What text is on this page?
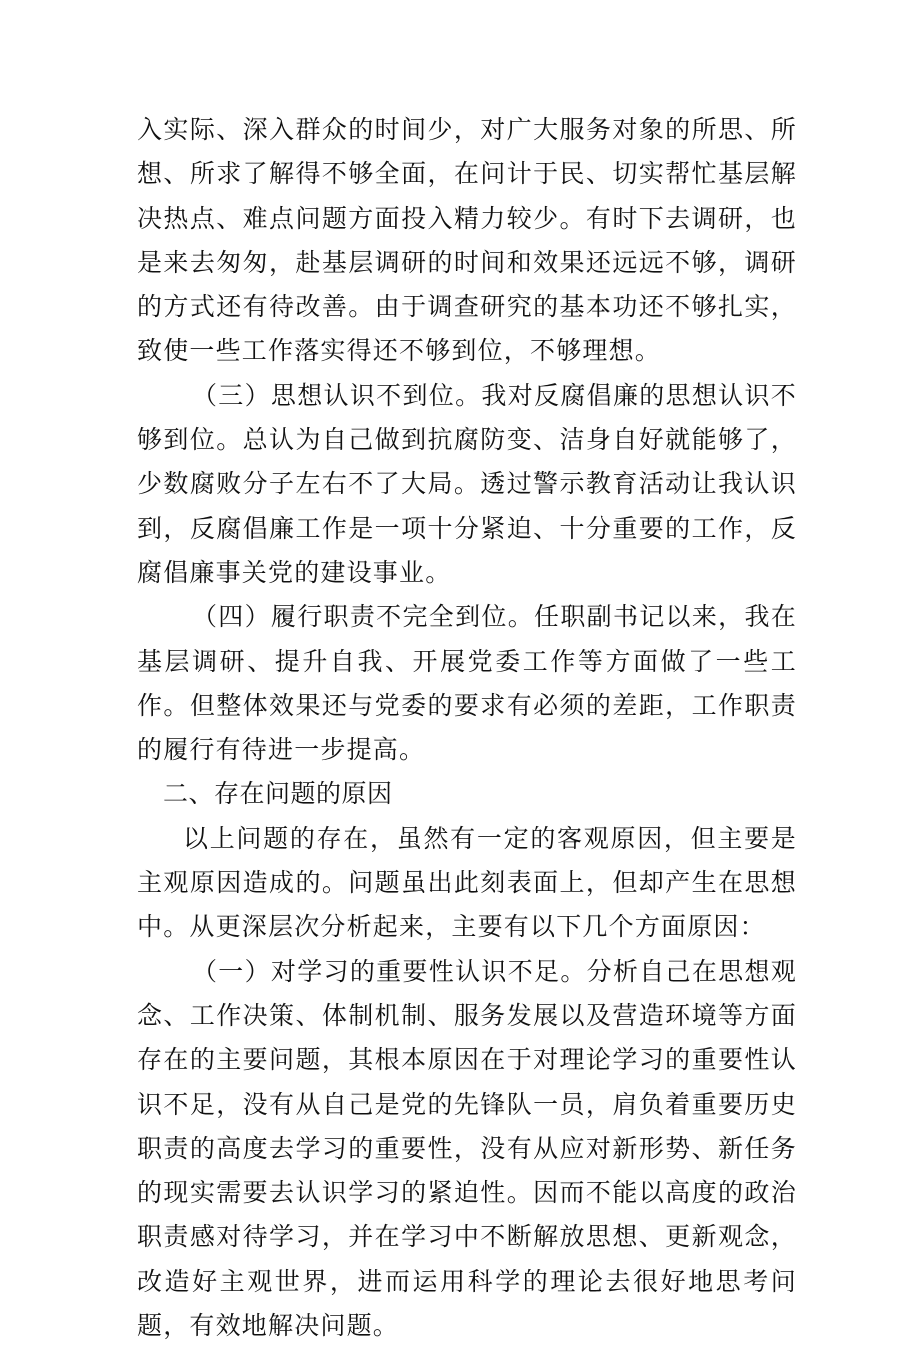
入实际、深入群众的时间少，对广大服务对象的所思、所想、所求了解得不够全面，在问计于民、切实帮忙基层解决热点、难点问题方面投入精力较少。有时下去调研，也是来去匆匆，赴基层调研的时间和效果还远远不够，调研的方式还有待改善。由于调查研究的基本功还不够扎实，致使一些工作落实得还不够到位，不够理想。

（三）思想认识不到位。我对反腐倡廉的思想认识不够到位。总认为自己做到抗腐防变、洁身自好就能够了，少数腐败分子左右不了大局。透过警示教育活动让我认识到，反腐倡廉工作是一项十分紧迫、十分重要的工作，反腐倡廉事关党的建设事业。

（四）履行职责不完全到位。任职副书记以来，我在基层调研、提升自我、开展党委工作等方面做了一些工作。但整体效果还与党委的要求有必须的差距，工作职责的履行有待进一步提高。

二、存在问题的原因

以上问题的存在，虽然有一定的客观原因，但主要是主观原因造成的。问题虽出此刻表面上，但却产生在思想中。从更深层次分析起来，主要有以下几个方面原因：

（一）对学习的重要性认识不足。分析自己在思想观念、工作决策、体制机制、服务发展以及营造环境等方面存在的主要问题，其根本原因在于对理论学习的重要性认识不足，没有从自己是党的先锋队一员，肩负着重要历史职责的高度去学习的重要性，没有从应对新形势、新任务的现实需要去认识学习的紧迫性。因而不能以高度的政治职责感对待学习，并在学习中不断解放思想、更新观念，改造好主观世界，进而运用科学的理论去很好地思考问题，有效地解决问题。
